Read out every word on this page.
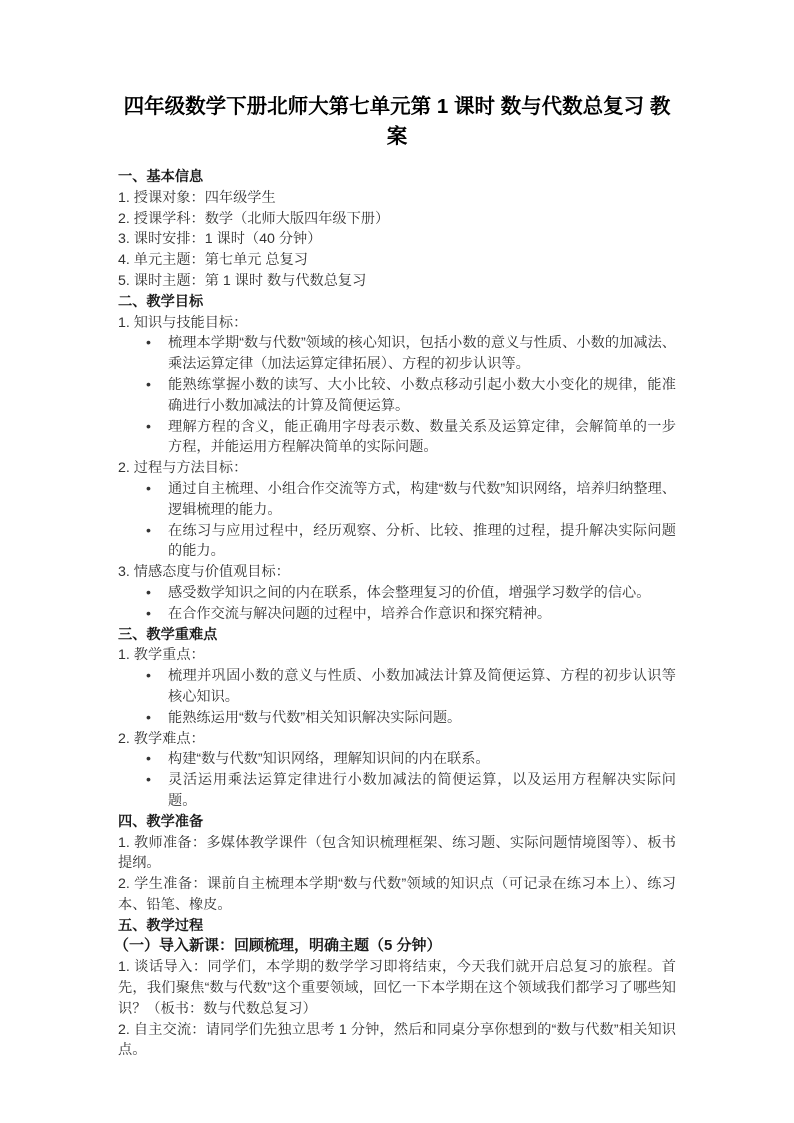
四年级数学下册北师大第七单元第 1 课时 数与代数总复习 教案
一、基本信息
1. 授课对象：四年级学生
2. 授课学科：数学（北师大版四年级下册）
3. 课时安排：1 课时（40 分钟）
4. 单元主题：第七单元 总复习
5. 课时主题：第 1 课时 数与代数总复习
二、教学目标
1. 知识与技能目标：
• 梳理本学期“数与代数”领域的核心知识，包括小数的意义与性质、小数的加减法、乘法运算定律（加法运算定律拓展）、方程的初步认识等。
• 能熟练掌握小数的读写、大小比较、小数点移动引起小数大小变化的规律，能准确进行小数加减法的计算及简便运算。
• 理解方程的含义，能正确用字母表示数、数量关系及运算定律，会解简单的一步方程，并能运用方程解决简单的实际问题。
2. 过程与方法目标：
• 通过自主梳理、小组合作交流等方式，构建“数与代数”知识网络，培养归纳整理、逻辑梳理的能力。
• 在练习与应用过程中，经历观察、分析、比较、推理的过程，提升解决实际问题的能力。
3. 情感态度与价值观目标：
• 感受数学知识之间的内在联系，体会整理复习的价值，增强学习数学的信心。
• 在合作交流与解决问题的过程中，培养合作意识和探究精神。
三、教学重难点
1. 教学重点：
• 梳理并巩固小数的意义与性质、小数加减法计算及简便运算、方程的初步认识等核心知识。
• 能熟练运用“数与代数”相关知识解决实际问题。
2. 教学难点：
• 构建“数与代数”知识网络，理解知识间的内在联系。
• 灵活运用乘法运算定律进行小数加减法的简便运算，以及运用方程解决实际问题。
四、教学准备
1. 教师准备：多媒体教学课件（包含知识梳理框架、练习题、实际问题情境图等）、板书提纲。
2. 学生准备：课前自主梳理本学期“数与代数”领域的知识点（可记录在练习本上）、练习本、铅笔、橡皮。
五、教学过程
（一）导入新课：回顾梳理，明确主题（5 分钟）
1. 谈话导入：同学们，本学期的数学学习即将结束，今天我们就开启总复习的旅程。首先，我们聚焦“数与代数”这个重要领域，回忆一下本学期在这个领域我们都学习了哪些知识？（板书：数与代数总复习）
2. 自主交流：请同学们先独立思考 1 分钟，然后和同桌分享你想到的“数与代数”相关知识点。
